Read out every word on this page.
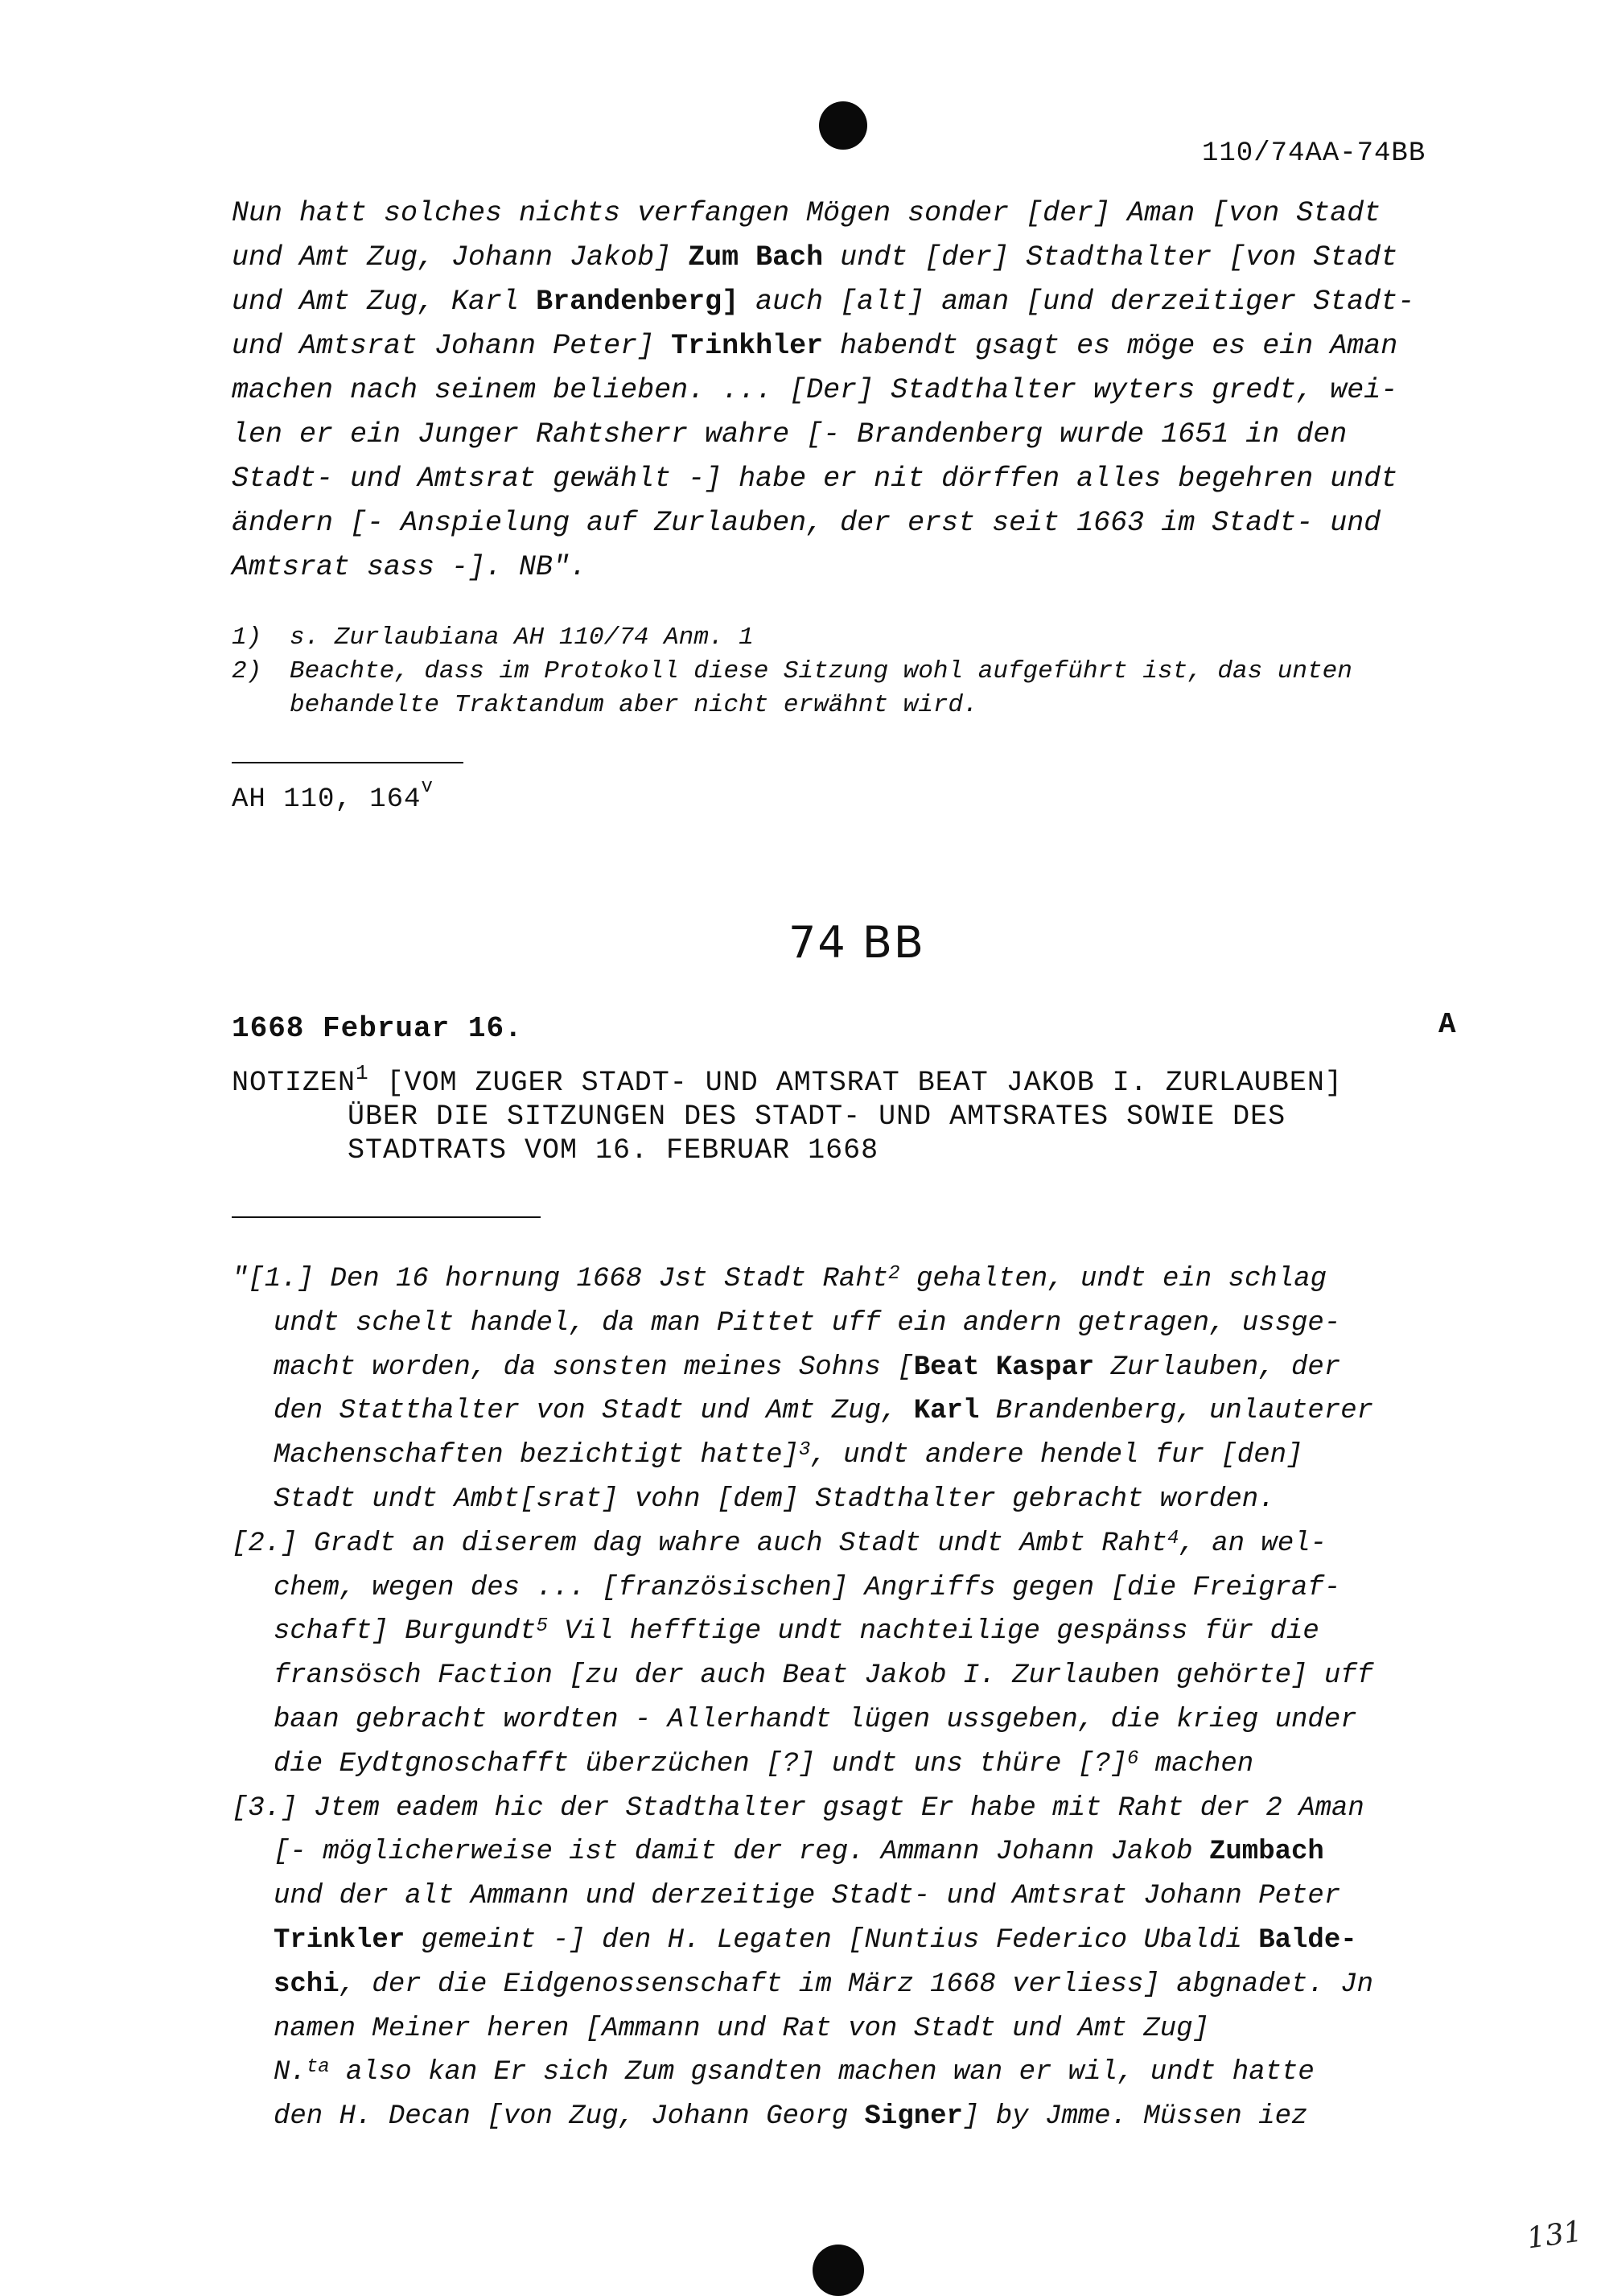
110/74AA-74BB
Nun hatt solches nichts verfangen Mögen sonder [der] Aman [von Stadt
und Amt Zug, Johann Jakob] Zum Bach undt [der] Stadthalter [von Stadt
und Amt Zug, Karl Brandenberg] auch [alt] aman [und derzeitiger Stadt-
und Amtsrat Johann Peter] Trinkhler habendt gsagt es möge es ein Aman
machen nach seinem belieben. ... [Der] Stadthalter wyters gredt, wei-
len er ein Junger Rahtsherr wahre [- Brandenberg wurde 1651 in den
Stadt- und Amtsrat gewählt -] habe er nit dörffen alles begehren undt
ändern [- Anspielung auf Zurlauben, der erst seit 1663 im Stadt- und
Amtsrat sass -]. NB".
1)	s. Zurlaubiana AH 110/74 Anm. 1
2)	Beachte, dass im Protokoll diese Sitzung wohl aufgeführt ist, das unten
behandelte Traktandum aber nicht erwähnt wird.
AH 110, 164$^v$
74 BB
1668 Februar 16.	A
NOTIZEN$^1$ [VOM ZUGER STADT- UND AMTSRAT BEAT JAKOB I. ZURLAUBEN]
ÜBER DIE SITZUNGEN DES STADT- UND AMTSRATES SOWIE DES
STADTRATS VOM 16. FEBRUAR 1668
"[1.] Den 16 hornung 1668 Jst Stadt Raht$^2$ gehalten, undt ein schlag
undt schelt handel, da man Pittet uff ein andern getragen, ussge-
macht worden, da sonsten meines Sohns [Beat Kaspar Zurlauben, der
den Statthalter von Stadt und Amt Zug, Karl Brandenberg, unlauterer
Machenschaften bezichtigt hatte]$^3$, undt andere hendel fur [den]
Stadt undt Ambt[srat] vohn [dem] Stadthalter gebracht worden.
[2.] Gradt an diserem dag wahre auch Stadt undt Ambt Raht$^4$, an wel-
chem, wegen des ... [französischen] Angriffs gegen [die Freigraf-
schaft] Burgundt$^5$ Vil hefftige undt nachteilige gespänss für die
fransösch Faction [zu der auch Beat Jakob I. Zurlauben gehörte] uff
baan gebracht wordten - Allerhandt lügen ussgeben, die krieg under
die Eydtgnoschafft überzüchen [?] undt uns thüre [?]$^6$ machen
[3.] Jtem eadem hic der Stadthalter gsagt Er habe mit Raht der 2 Aman
[- möglicherweise ist damit der reg. Ammann Johann Jakob Zumbach
und der alt Ammann und derzeitige Stadt- und Amtsrat Johann Peter
Trinkler gemeint -] den H. Legaten [Nuntius Federico Ubaldi Balde-
schi, der die Eidgenossenschaft im März 1668 verliess] abgnadet. Jn
namen Meiner heren [Ammann und Rat von Stadt und Amt Zug]
N.$^{ta}$ also kan Er sich Zum gsandten machen wan er wil, undt hatte
den H. Decan [von Zug, Johann Georg Signer] by Jmme. Müssen iez
131
